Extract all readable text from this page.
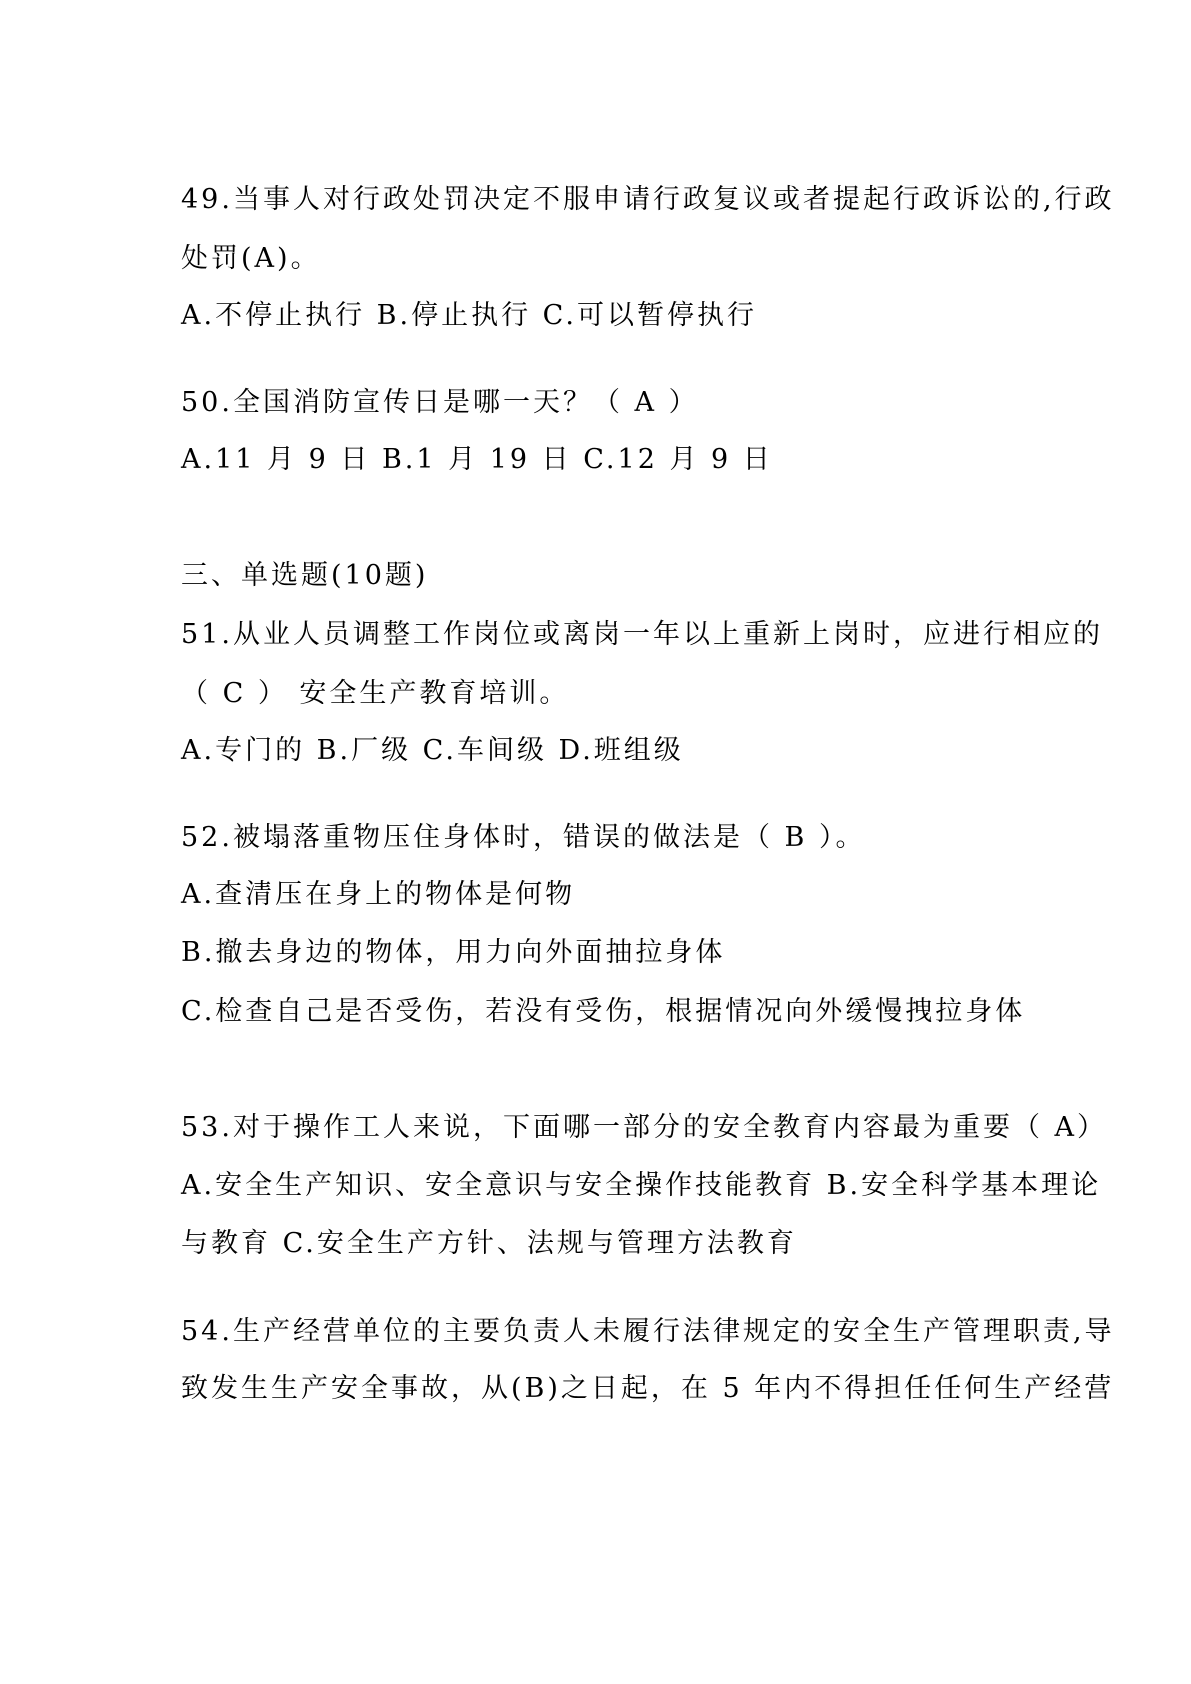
49.当事人对行政处罚决定不服申请行政复议或者提起行政诉讼的,行政
处罚(A)。
A.不停止执行 B.停止执行 C.可以暂停执行
50.全国消防宣传日是哪一天？（ A ）
A.11 月 9 日 B.1 月 19 日 C.12 月 9 日
三、单选题(10题)
51.从业人员调整工作岗位或离岗一年以上重新上岗时，应进行相应的
（ C ） 安全生产教育培训。
A.专门的 B.厂级 C.车间级 D.班组级
52.被塌落重物压住身体时，错误的做法是（ B ）。
A.查清压在身上的物体是何物
B.撤去身边的物体，用力向外面抽拉身体
C.检查自己是否受伤，若没有受伤，根据情况向外缓慢拽拉身体
53.对于操作工人来说，下面哪一部分的安全教育内容最为重要（ A）
A.安全生产知识、安全意识与安全操作技能教育 B.安全科学基本理论
与教育 C.安全生产方针、法规与管理方法教育
54.生产经营单位的主要负责人未履行法律规定的安全生产管理职责,导
致发生生产安全事故，从(B)之日起，在 5 年内不得担任任何生产经营
